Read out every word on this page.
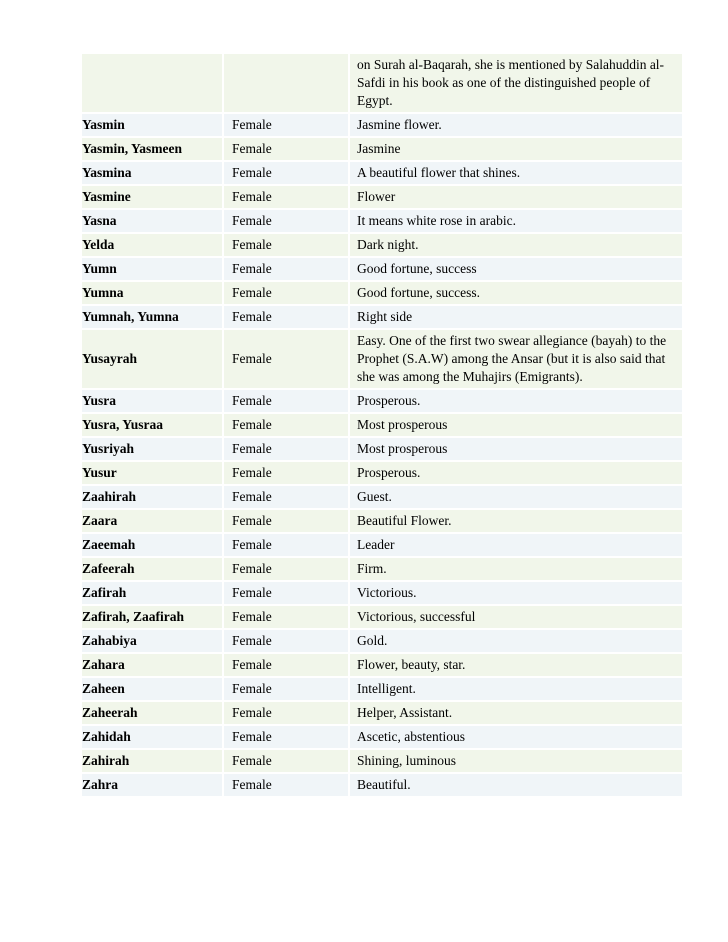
		on Surah al-Baqarah, she is mentioned by Salahuddin al-Safdi in his book as one of the distinguished people of Egypt.
Yasmin	Female	Jasmine flower.
Yasmin, Yasmeen	Female	Jasmine
Yasmina	Female	A beautiful flower that shines.
Yasmine	Female	Flower
Yasna	Female	It means white rose in arabic.
Yelda	Female	Dark night.
Yumn	Female	Good fortune, success
Yumna	Female	Good fortune, success.
Yumnah, Yumna	Female	Right side
Yusayrah	Female	Easy. One of the first two swear allegiance (bayah) to the Prophet (S.A.W) among the Ansar (but it is also said that she was among the Muhajirs (Emigrants).
Yusra	Female	Prosperous.
Yusra, Yusraa	Female	Most prosperous
Yusriyah	Female	Most prosperous
Yusur	Female	Prosperous.
Zaahirah	Female	Guest.
Zaara	Female	Beautiful Flower.
Zaeemah	Female	Leader
Zafeerah	Female	Firm.
Zafirah	Female	Victorious.
Zafirah, Zaafirah	Female	Victorious, successful
Zahabiya	Female	Gold.
Zahara	Female	Flower, beauty, star.
Zaheen	Female	Intelligent.
Zaheerah	Female	Helper, Assistant.
Zahidah	Female	Ascetic, abstentious
Zahirah	Female	Shining, luminous
Zahra	Female	Beautiful.
